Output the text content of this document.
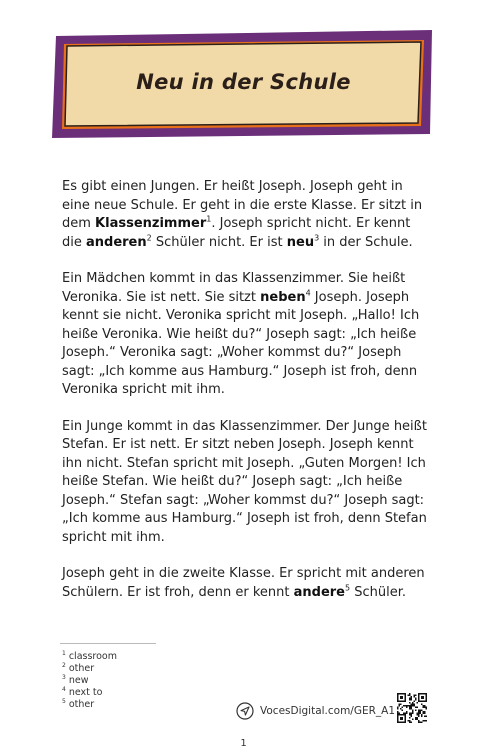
Neu in der Schule

Es gibt einen Jungen. Er heißt Joseph. Joseph geht in eine neue Schule. Er geht in die erste Klasse. Er sitzt in dem Klassenzimmer$^1$. Joseph spricht nicht. Er kennt die anderen$^2$ Schüler nicht. Er ist neu$^3$ in der Schule.

Ein Mädchen kommt in das Klassenzimmer. Sie heißt Veronika. Sie ist nett. Sie sitzt neben$^4$ Joseph. Joseph kennt sie nicht. Veronika spricht mit Joseph. „Hallo! Ich heiße Veronika. Wie heißt du?“ Joseph sagt: „Ich heiße Joseph.“ Veronika sagt: „Woher kommst du?“ Joseph sagt: „Ich komme aus Hamburg.“ Joseph ist froh, denn Veronika spricht mit ihm.

Ein Junge kommt in das Klassenzimmer. Der Junge heißt Stefan. Er ist nett. Er sitzt neben Joseph. Joseph kennt ihn nicht. Stefan spricht mit Joseph. „Guten Morgen! Ich heiße Stefan. Wie heißt du?“ Joseph sagt: „Ich heiße Joseph.“ Stefan sagt: „Woher kommst du?“ Joseph sagt: „Ich komme aus Hamburg.“ Joseph ist froh, denn Stefan spricht mit ihm.

Joseph geht in die zweite Klasse. Er spricht mit anderen Schülern. Er ist froh, denn er kennt andere$^5$ Schüler.

$^1$ classroom
$^2$ other
$^3$ new
$^4$ next to
$^5$ other
VocesDigital.com/GER_A1
1
